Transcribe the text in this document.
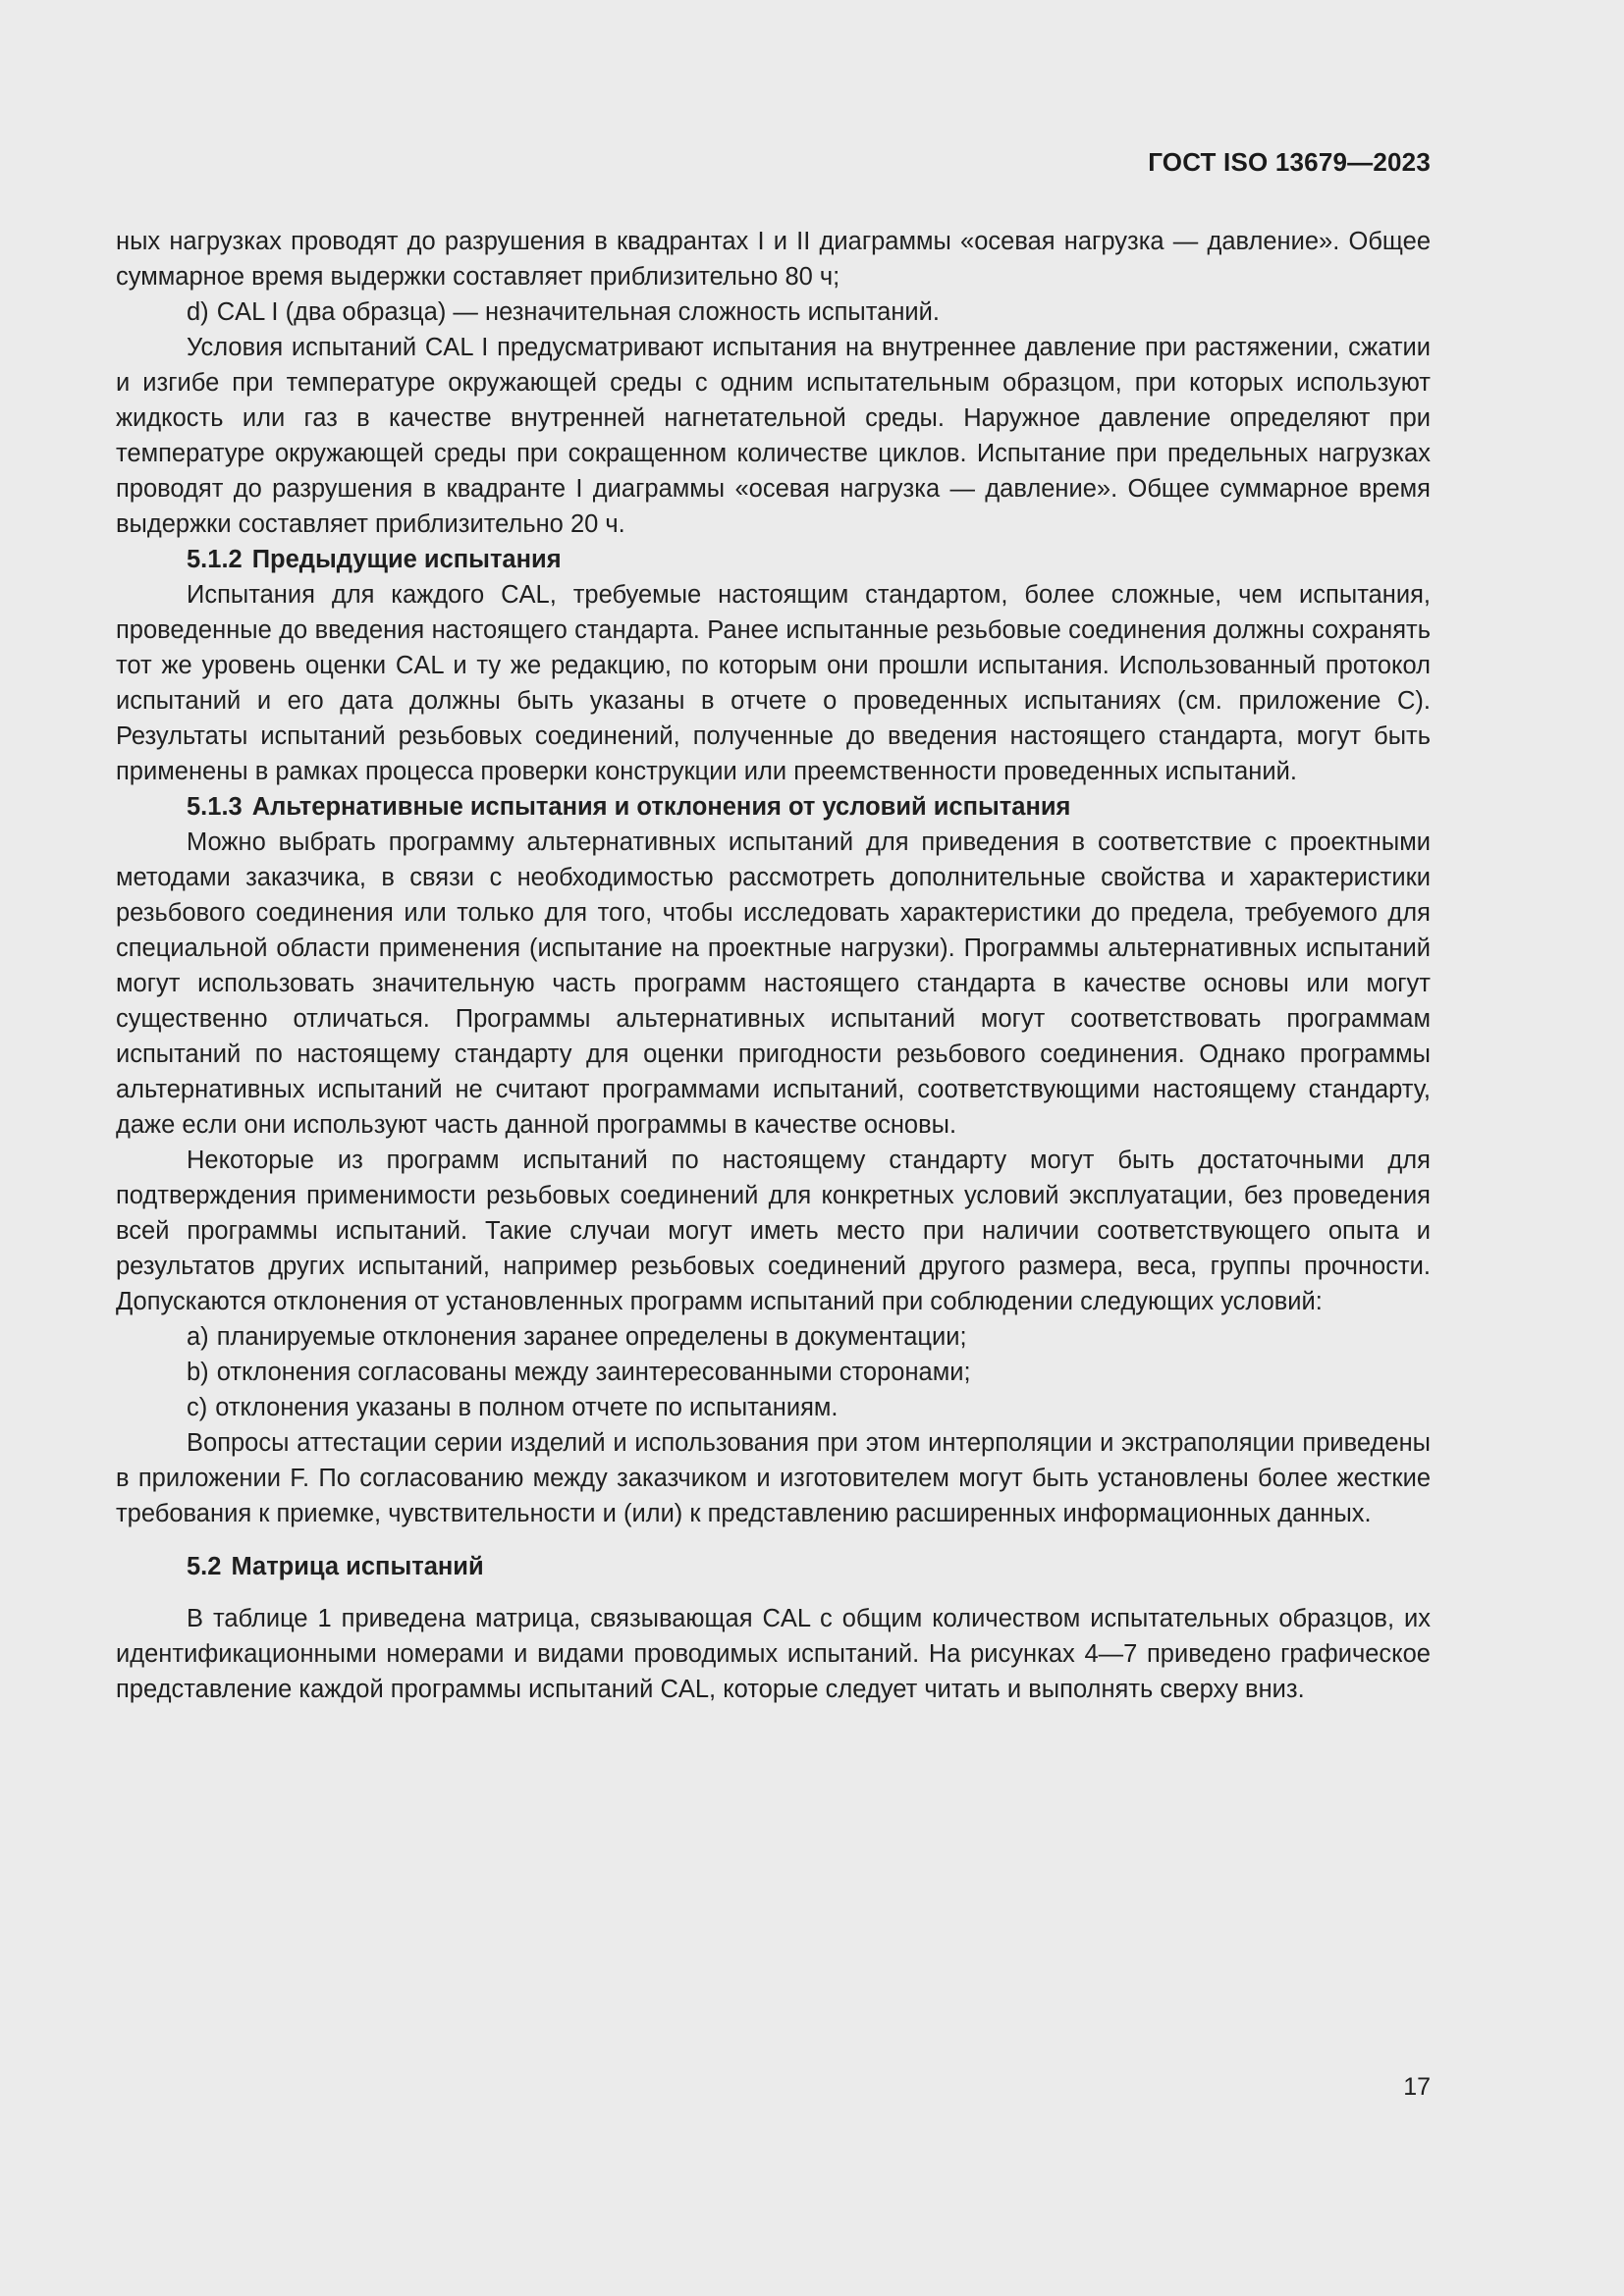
ГОСТ ISO 13679—2023

ных нагрузках проводят до разрушения в квадрантах I и II диаграммы «осевая нагрузка — давление». Общее суммарное время выдержки составляет приблизительно 80 ч;

d) CAL I (два образца) — незначительная сложность испытаний.

Условия испытаний CAL I предусматривают испытания на внутреннее давление при растяжении, сжатии и изгибе при температуре окружающей среды с одним испытательным образцом, при которых используют жидкость или газ в качестве внутренней нагнетательной среды. Наружное давление определяют при температуре окружающей среды при сокращенном количестве циклов. Испытание при предельных нагрузках проводят до разрушения в квадранте I диаграммы «осевая нагрузка — давление». Общее суммарное время выдержки составляет приблизительно 20 ч.

5.1.2 Предыдущие испытания

Испытания для каждого CAL, требуемые настоящим стандартом, более сложные, чем испытания, проведенные до введения настоящего стандарта. Ранее испытанные резьбовые соединения должны сохранять тот же уровень оценки CAL и ту же редакцию, по которым они прошли испытания. Использованный протокол испытаний и его дата должны быть указаны в отчете о проведенных испытаниях (см. приложение С). Результаты испытаний резьбовых соединений, полученные до введения настоящего стандарта, могут быть применены в рамках процесса проверки конструкции или преемственности проведенных испытаний.

5.1.3 Альтернативные испытания и отклонения от условий испытания

Можно выбрать программу альтернативных испытаний для приведения в соответствие с проектными методами заказчика, в связи с необходимостью рассмотреть дополнительные свойства и характеристики резьбового соединения или только для того, чтобы исследовать характеристики до предела, требуемого для специальной области применения (испытание на проектные нагрузки). Программы альтернативных испытаний могут использовать значительную часть программ настоящего стандарта в качестве основы или могут существенно отличаться. Программы альтернативных испытаний могут соответствовать программам испытаний по настоящему стандарту для оценки пригодности резьбового соединения. Однако программы альтернативных испытаний не считают программами испытаний, соответствующими настоящему стандарту, даже если они используют часть данной программы в качестве основы.

Некоторые из программ испытаний по настоящему стандарту могут быть достаточными для подтверждения применимости резьбовых соединений для конкретных условий эксплуатации, без проведения всей программы испытаний. Такие случаи могут иметь место при наличии соответствующего опыта и результатов других испытаний, например резьбовых соединений другого размера, веса, группы прочности. Допускаются отклонения от установленных программ испытаний при соблюдении следующих условий:

a) планируемые отклонения заранее определены в документации;

b) отклонения согласованы между заинтересованными сторонами;

c) отклонения указаны в полном отчете по испытаниям.

Вопросы аттестации серии изделий и использования при этом интерполяции и экстраполяции приведены в приложении F. По согласованию между заказчиком и изготовителем могут быть установлены более жесткие требования к приемке, чувствительности и (или) к представлению расширенных информационных данных.

5.2 Матрица испытаний

В таблице 1 приведена матрица, связывающая CAL с общим количеством испытательных образцов, их идентификационными номерами и видами проводимых испытаний. На рисунках 4—7 приведено графическое представление каждой программы испытаний CAL, которые следует читать и выполнять сверху вниз.

17
